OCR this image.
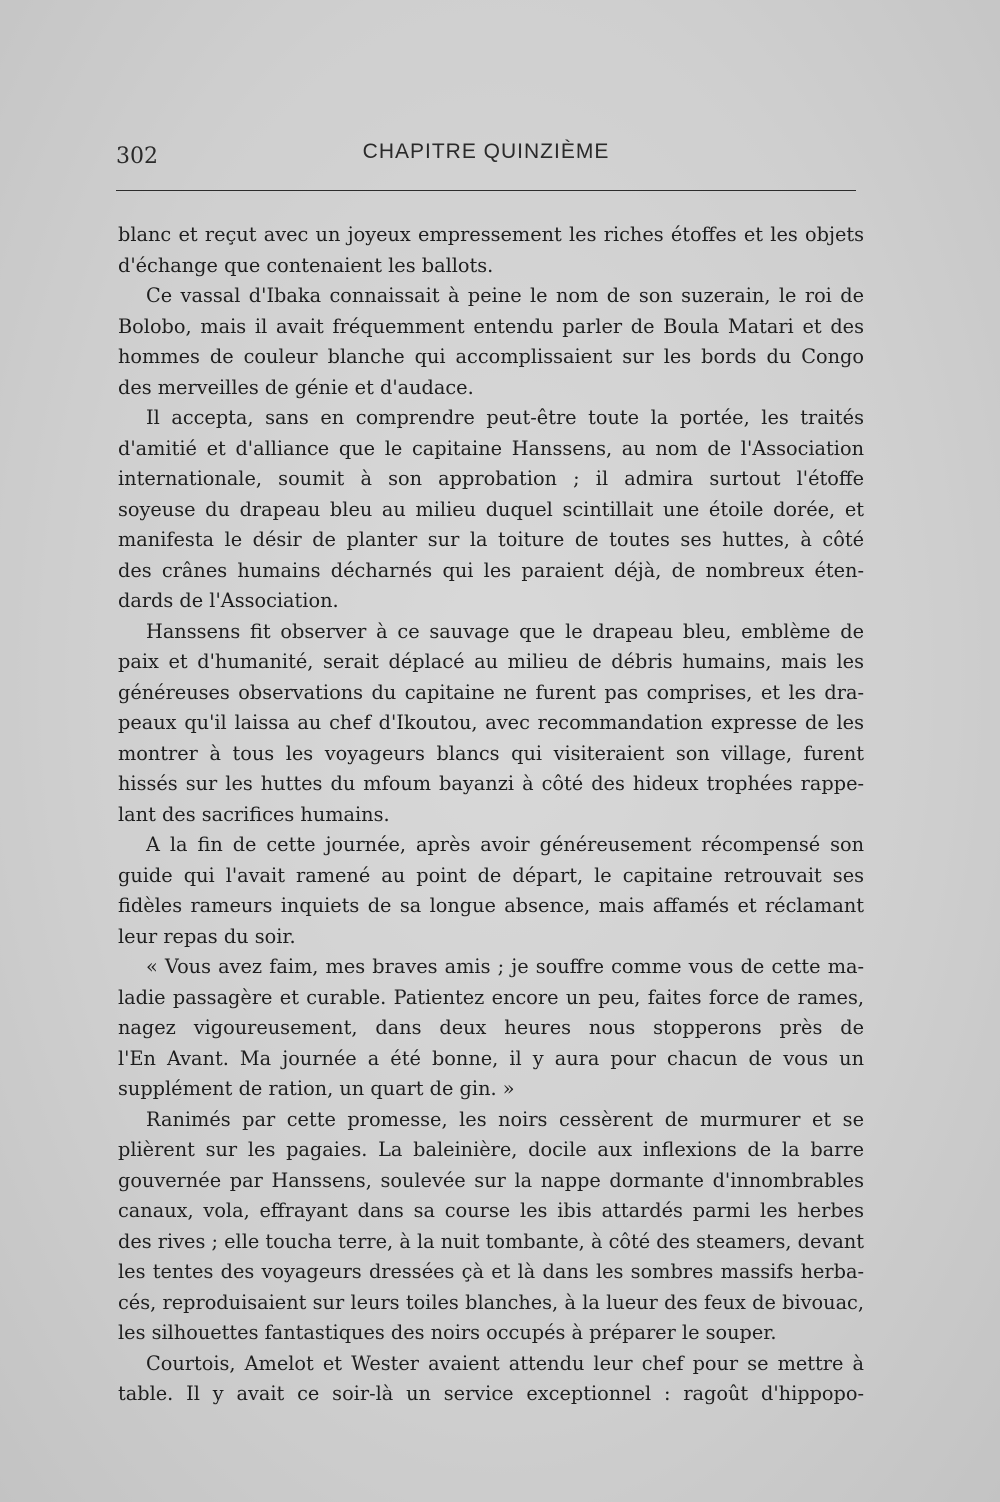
302	CHAPITRE QUINZIÈME
blanc et reçut avec un joyeux empressement les riches étoffes et les objets
d'échange que contenaient les ballots.
Ce vassal d'Ibaka connaissait à peine le nom de son suzerain, le roi de
Bolobo, mais il avait fréquemment entendu parler de Boula Matari et des
hommes de couleur blanche qui accomplissaient sur les bords du Congo
des merveilles de génie et d'audace.
Il accepta, sans en comprendre peut-être toute la portée, les traités
d'amitié et d'alliance que le capitaine Hanssens, au nom de l'Association
internationale, soumit à son approbation ; il admira surtout l'étoffe
soyeuse du drapeau bleu au milieu duquel scintillait une étoile dorée, et
manifesta le désir de planter sur la toiture de toutes ses huttes, à côté
des crânes humains décharnés qui les paraient déjà, de nombreux éten-
dards de l'Association.
Hanssens fit observer à ce sauvage que le drapeau bleu, emblème de
paix et d'humanité, serait déplacé au milieu de débris humains, mais les
généreuses observations du capitaine ne furent pas comprises, et les dra-
peaux qu'il laissa au chef d'Ikoutou, avec recommandation expresse de les
montrer à tous les voyageurs blancs qui visiteraient son village, furent
hissés sur les huttes du mfoum bayanzi à côté des hideux trophées rappe-
lant des sacrifices humains.
A la fin de cette journée, après avoir généreusement récompensé son
guide qui l'avait ramené au point de départ, le capitaine retrouvait ses
fidèles rameurs inquiets de sa longue absence, mais affamés et réclamant
leur repas du soir.
« Vous avez faim, mes braves amis ; je souffre comme vous de cette ma-
ladie passagère et curable. Patientez encore un peu, faites force de rames,
nagez vigoureusement, dans deux heures nous stopperons près de
l'En Avant. Ma journée a été bonne, il y aura pour chacun de vous un
supplément de ration, un quart de gin. »
Ranimés par cette promesse, les noirs cessèrent de murmurer et se
plièrent sur les pagaies. La baleinière, docile aux inflexions de la barre
gouvernée par Hanssens, soulevée sur la nappe dormante d'innombrables
canaux, vola, effrayant dans sa course les ibis attardés parmi les herbes
des rives ; elle toucha terre, à la nuit tombante, à côté des steamers, devant
les tentes des voyageurs dressées çà et là dans les sombres massifs herba-
cés, reproduisaient sur leurs toiles blanches, à la lueur des feux de bivouac,
les silhouettes fantastiques des noirs occupés à préparer le souper.
Courtois, Amelot et Wester avaient attendu leur chef pour se mettre à
table. Il y avait ce soir-là un service exceptionnel : ragoût d'hippopo-
